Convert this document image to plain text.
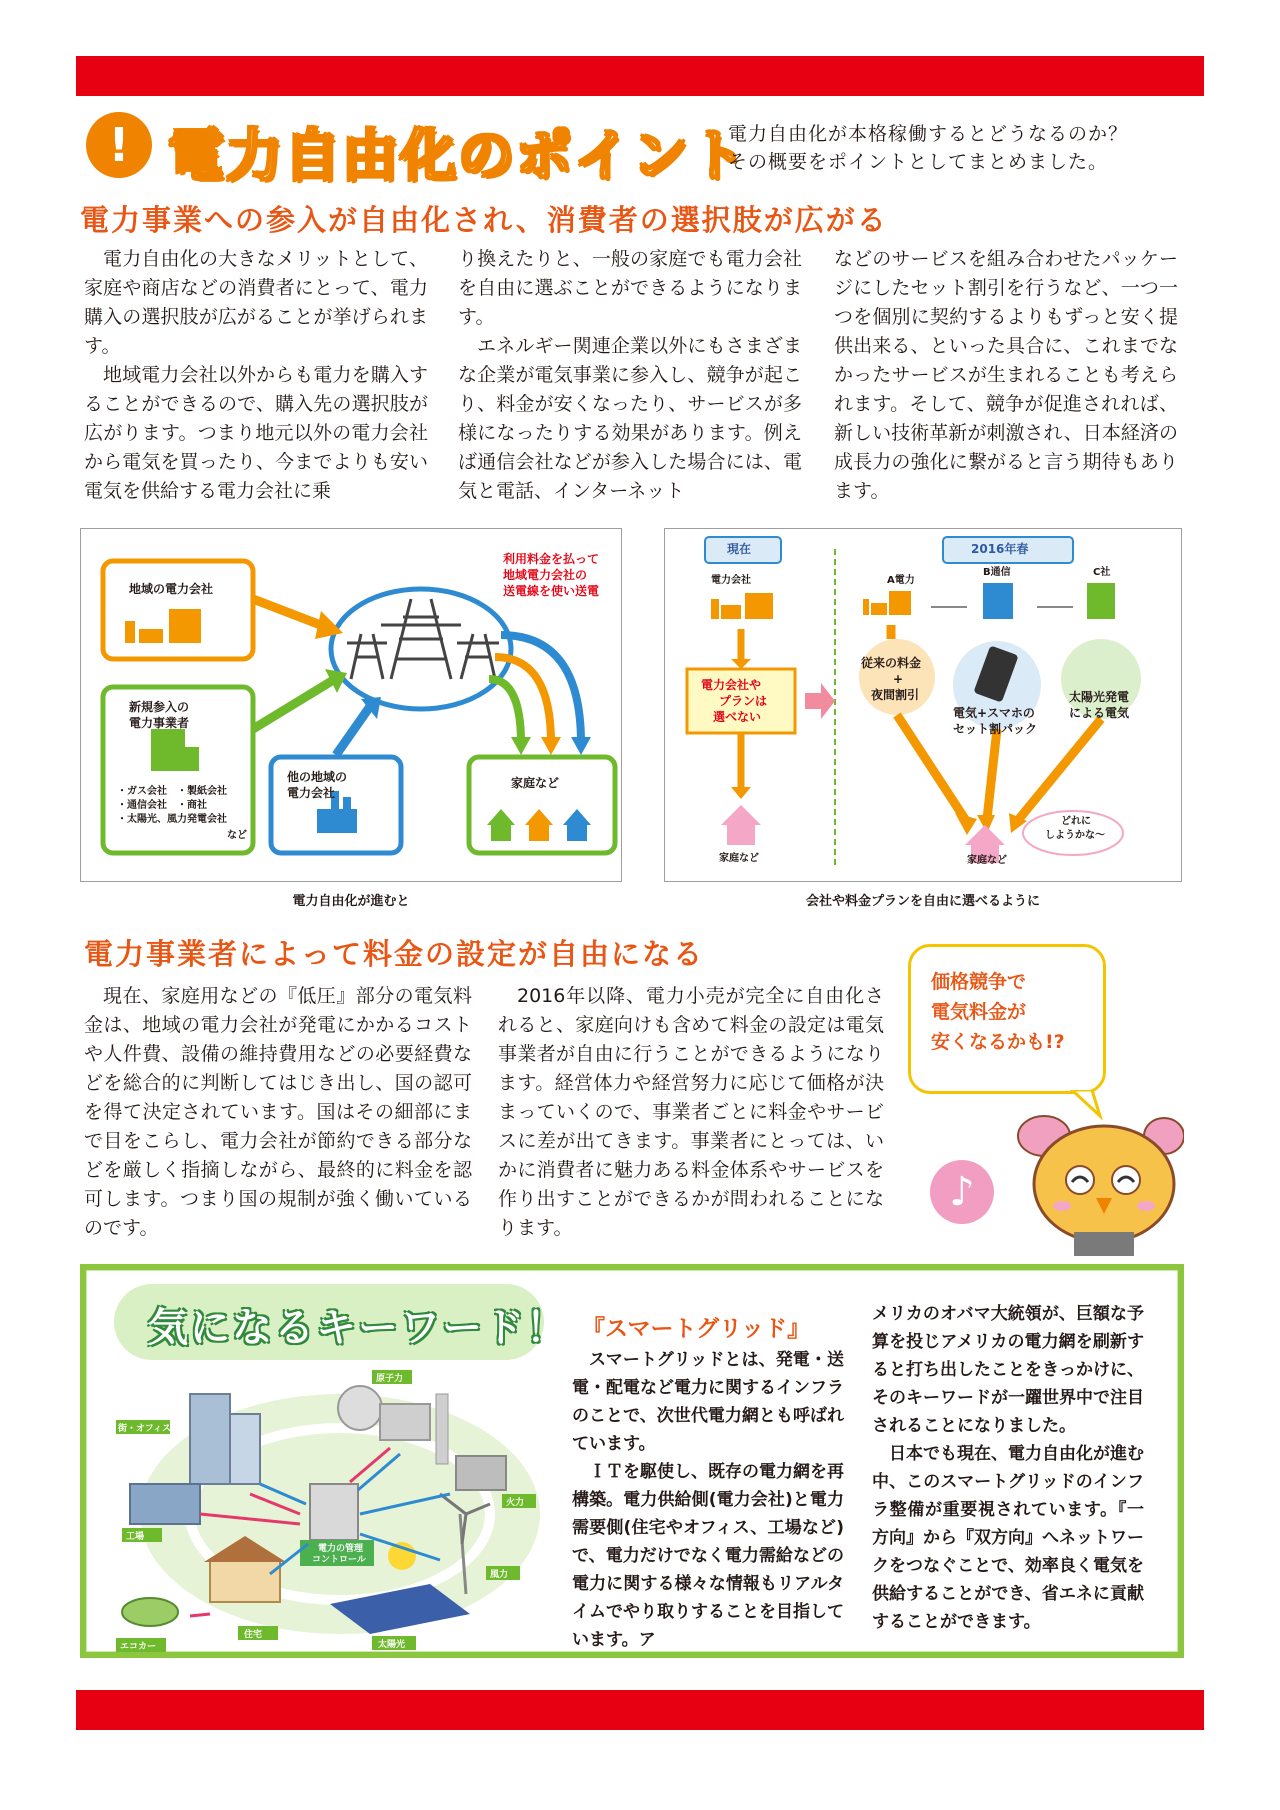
! 電力自由化のポイント
電力自由化が本格稼働するとどうなるのか？
その概要をポイントとしてまとめました。
電力事業への参入が自由化され、消費者の選択肢が広がる

電力自由化の大きなメリットとして、家庭や商店などの消費者にとって、電力購入の選択肢が広がることが挙げられます。

地域電力会社以外からも電力を購入することができるので、購入先の選択肢が広がります。つまり地元以外の電力会社から電気を買ったり、今までよりも安い電気を供給する電力会社に乗

り換えたりと、一般の家庭でも電力会社を自由に選ぶことができるようになります。

エネルギー関連企業以外にもさまざまな企業が電気事業に参入し、競争が起こり、料金が安くなったり、サービスが多様になったりする効果があります。例えば通信会社などが参入した場合には、電気と電話、インターネット

などのサービスを組み合わせたパッケージにしたセット割引を行うなど、一つ一つを個別に契約するよりもずっと安く提供出来る、といった具合に、これまでなかったサービスが生まれることも考えられます。そして、競争が促進されれば、新しい技術革新が刺激され、日本経済の成長力の強化に繋がると言う期待もあります。

地域の電力会社
新規参入の
電力事業者
・ガス会社　・製紙会社
・通信会社　・商社
・太陽光、風力発電会社
など
他の地域の
電力会社
家庭など
利用料金を払って
地域電力会社の
送電線を使い送電
電力自由化が進むと
現在	2016年春
電力会社
電力会社や
プランは
選べない
家庭など
A電力
B通信	C社
従来の料金
+
夜間割引
電気+スマホの
セット割パック
太陽光発電
による電気
家庭など
どれに
しようかな〜
会社や料金プランを自由に選べるように
電力事業者によって料金の設定が自由になる

現在、家庭用などの『低圧』部分の電気料金は、地域の電力会社が発電にかかるコストや人件費、設備の維持費用などの必要経費などを総合的に判断してはじき出し、国の認可を得て決定されています。国はその細部にまで目をこらし、電力会社が節約できる部分などを厳しく指摘しながら、最終的に料金を認可します。つまり国の規制が強く働いているのです。

2016年以降、電力小売が完全に自由化されると、家庭向けも含めて料金の設定は電気事業者が自由に行うことができるようになります。経営体力や経営努力に応じて価格が決まっていくので、事業者ごとに料金やサービスに差が出てきます。事業者にとっては、いかに消費者に魅力ある料金体系やサービスを作り出すことができるかが問われることになります。

価格競争で
電気料金が
安くなるかも!?
♪
気になるキーワード！
電力の管理
コントロール
街・オフィス
原子力
火力
風力
太陽光
住宅
エコカー
工場
『スマートグリッド』

スマートグリッドとは、発電・送電・配電など電力に関するインフラのことで、次世代電力網とも呼ばれています。

ＩＴを駆使し、既存の電力網を再構築。電力供給側(電力会社)と電力需要側(住宅やオフィス、工場など)で、電力だけでなく電力需給などの電力に関する様々な情報もリアルタイムでやり取りすることを目指しています。ア

メリカのオバマ大統領が、巨額な予算を投じアメリカの電力網を刷新すると打ち出したことをきっかけに、そのキーワードが一躍世界中で注目されることになりました。

日本でも現在、電力自由化が進む中、このスマートグリッドのインフラ整備が重要視されています。『一方向』から『双方向』へネットワークをつなぐことで、効率良く電気を供給することができ、省エネに貢献することができます。
